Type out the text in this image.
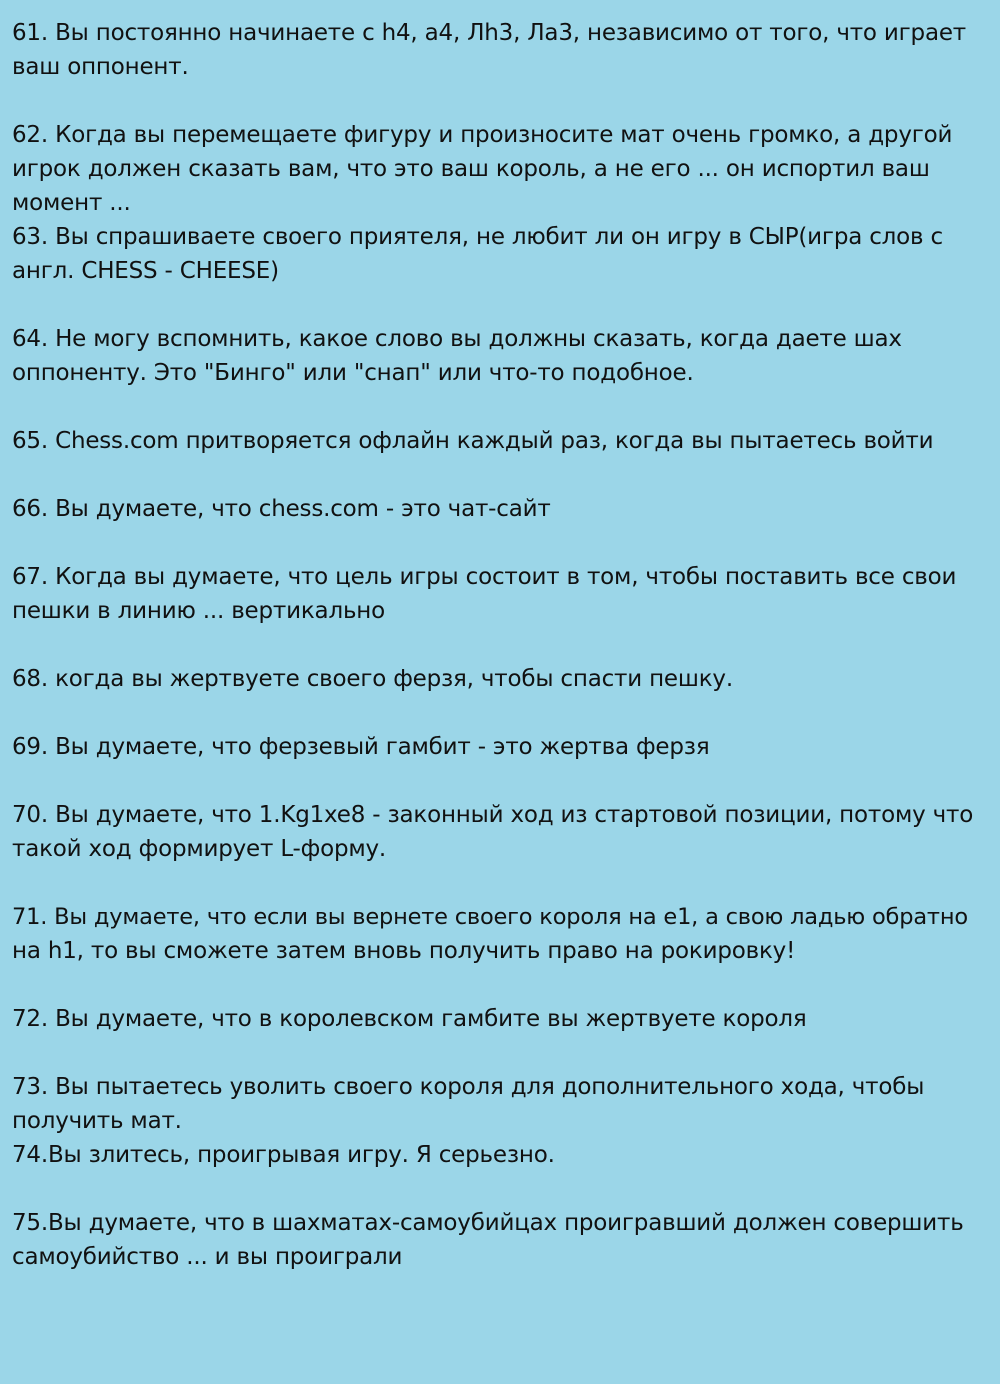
61. Вы постоянно начинаете с h4, a4, Лh3, Ла3, независимо от того, что играет
ваш оппонент.
62. Когда вы перемещаете фигуру и произносите мат очень громко, а другой
игрок должен сказать вам, что это ваш король, а не его ... он испортил ваш
момент ...
63. Вы спрашиваете своего приятеля, не любит ли он игру в СЫР(игра слов с
англ. CHESS - CHEESE)
64. Не могу вспомнить, какое слово вы должны сказать, когда даете шах
оппоненту. Это "Бинго" или "снап" или что-то подобное.
65. Chess.com притворяется офлайн каждый раз, когда вы пытаетесь войти
66. Вы думаете, что chess.com - это чат-сайт
67. Когда вы думаете, что цель игры состоит в том, чтобы поставить все свои
пешки в линию ... вертикально
68. когда вы жертвуете своего ферзя, чтобы спасти пешку.
69. Вы думаете, что ферзевый гамбит - это жертва ферзя
70. Вы думаете, что 1.Kg1xe8 - законный ход из стартовой позиции, потому что
такой ход формирует L-форму.
71. Вы думаете, что если вы вернете своего короля на e1, а свою ладью обратно
на h1, то вы сможете затем вновь получить право на рокировку!
72. Вы думаете, что в королевском гамбите вы жертвуете короля
73. Вы пытаетесь уволить своего короля для дополнительного хода, чтобы
получить мат.
74.Вы злитесь, проигрывая игру. Я серьезно.
75.Вы думаете, что в шахматах-самоубийцах проигравший должен совершить
самоубийство ... и вы проиграли
